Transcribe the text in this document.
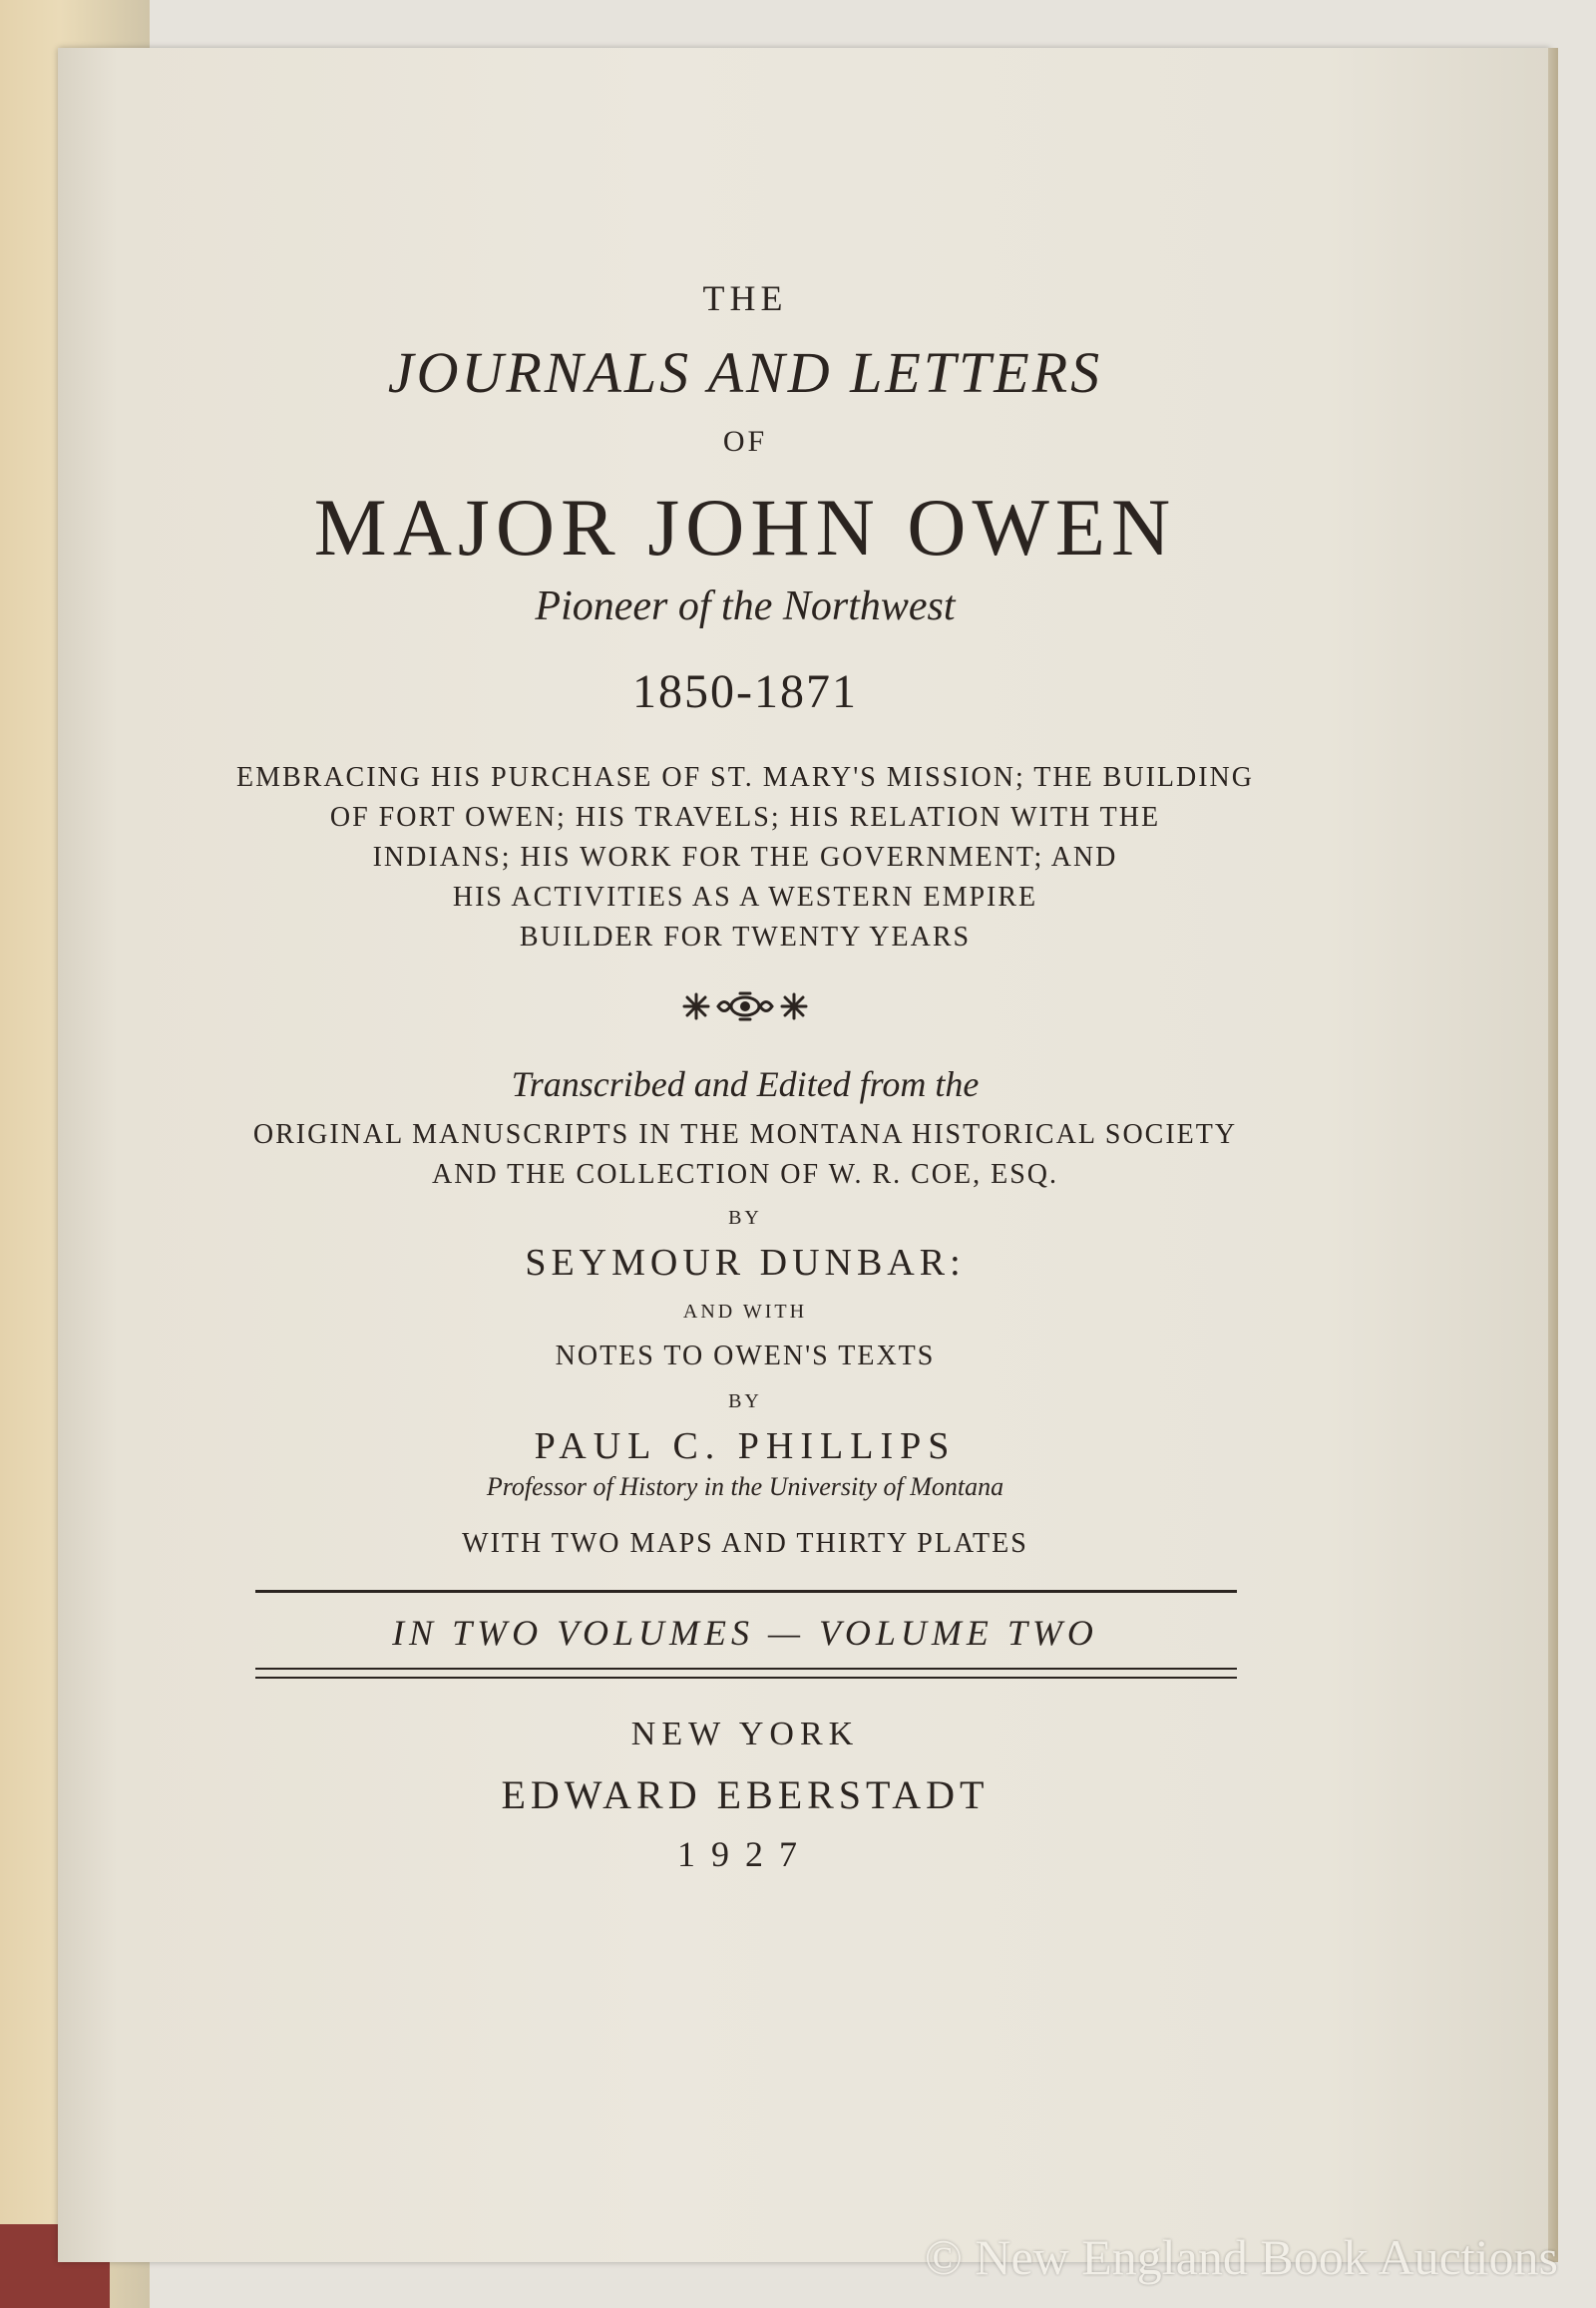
THE
JOURNALS AND LETTERS
OF
MAJOR JOHN OWEN
Pioneer of the Northwest
1850-1871
EMBRACING HIS PURCHASE OF ST. MARY'S MISSION; THE BUILDING
OF FORT OWEN; HIS TRAVELS; HIS RELATION WITH THE
INDIANS; HIS WORK FOR THE GOVERNMENT; AND
HIS ACTIVITIES AS A WESTERN EMPIRE
BUILDER FOR TWENTY YEARS
Transcribed and Edited from the
ORIGINAL MANUSCRIPTS IN THE MONTANA HISTORICAL SOCIETY
AND THE COLLECTION OF W. R. COE, ESQ.
BY
SEYMOUR DUNBAR:
AND WITH
NOTES TO OWEN'S TEXTS
BY
PAUL C. PHILLIPS
Professor of History in the University of Montana
WITH TWO MAPS AND THIRTY PLATES
IN TWO VOLUMES — VOLUME TWO
NEW YORK
EDWARD EBERSTADT
1927
© New England Book Auctions
